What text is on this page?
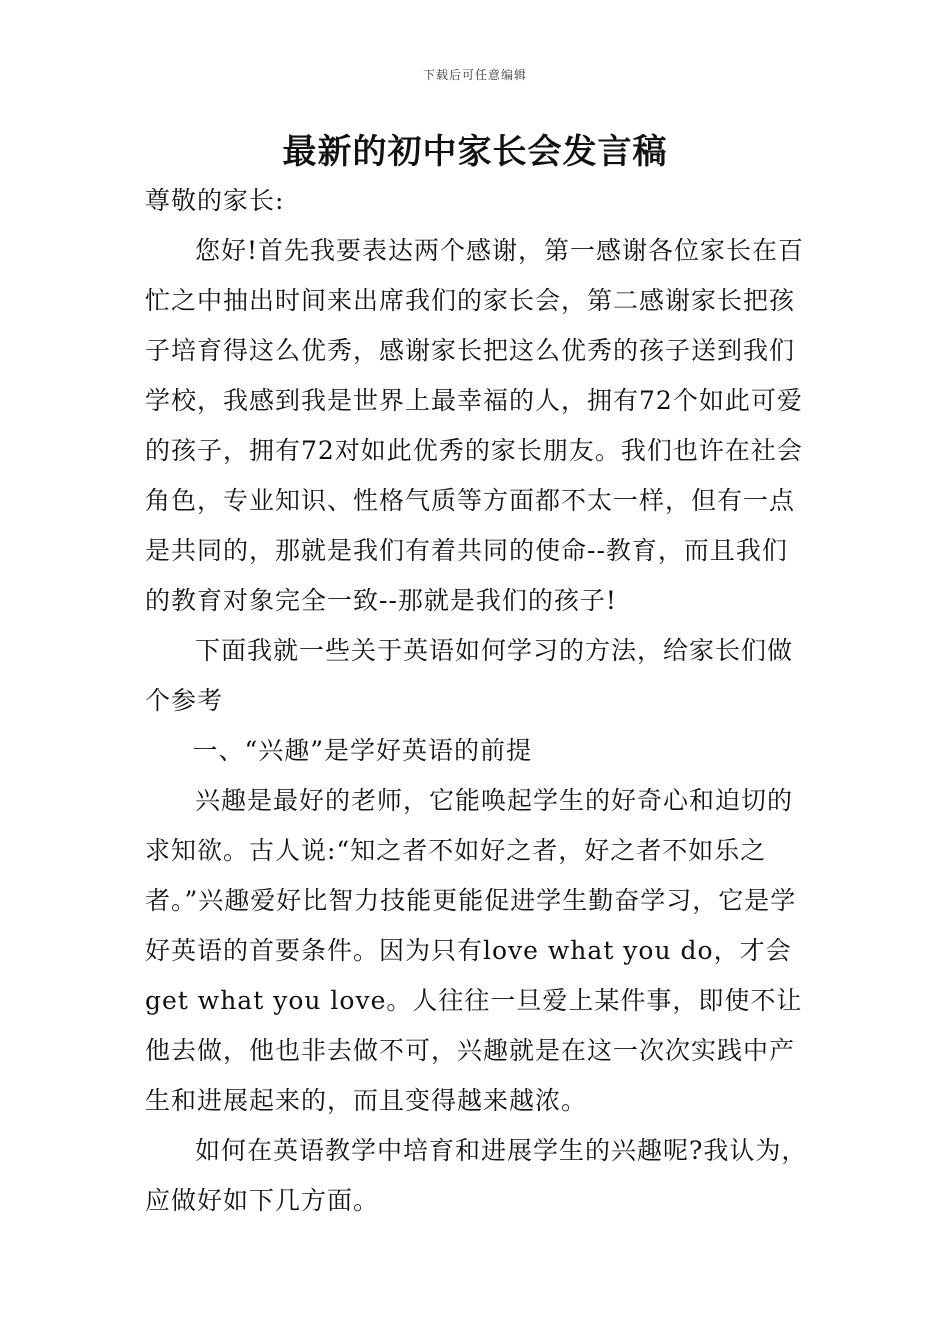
下载后可任意编辑
最新的初中家长会发言稿

尊敬的家长:

您好!首先我要表达两个感谢，第一感谢各位家长在百忙之中抽出时间来出席我们的家长会，第二感谢家长把孩子培育得这么优秀，感谢家长把这么优秀的孩子送到我们学校，我感到我是世界上最幸福的人，拥有72个如此可爱的孩子，拥有72对如此优秀的家长朋友。我们也许在社会角色，专业知识、性格气质等方面都不太一样，但有一点是共同的，那就是我们有着共同的使命--教育，而且我们的教育对象完全一致--那就是我们的孩子!

下面我就一些关于英语如何学习的方法，给家长们做个参考

一、“兴趣”是学好英语的前提

兴趣是最好的老师，它能唤起学生的好奇心和迫切的求知欲。古人说:“知之者不如好之者，好之者不如乐之者。”兴趣爱好比智力技能更能促进学生勤奋学习，它是学好英语的首要条件。因为只有love what you do，才会get what you love。人往往一旦爱上某件事，即使不让他去做，他也非去做不可，兴趣就是在这一次次实践中产生和进展起来的，而且变得越来越浓。

如何在英语教学中培育和进展学生的兴趣呢?我认为，应做好如下几方面。
